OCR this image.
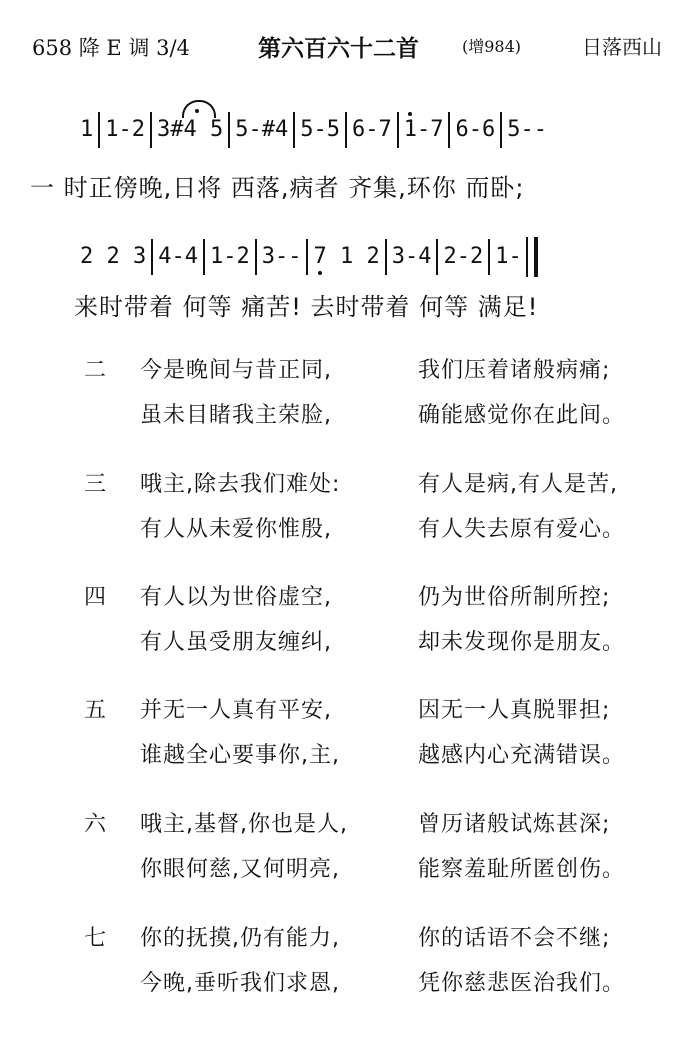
658 降 E 调 3/4	第六百六十二首	(增984)	日落西山
1 1-2 3#4 5 5-#4 5-5 6-7 1-7 6-6 5--
一 时正傍晚,日将 西落,病者 齐集,环你 而卧;
2 2 3 4-4 1-2 3-- 7 1 2 3-4 2-2 1-
来时带着 何等 痛苦! 去时带着 何等 满足!
二 今是晚间与昔正同,	我们压着诸般病痛;
虽未目睹我主荣脸,	确能感觉你在此间。
三 哦主,除去我们难处:	有人是病,有人是苦,
有人从未爱你惟殷,	有人失去原有爱心。
四 有人以为世俗虚空,	仍为世俗所制所控;
有人虽受朋友缠纠,	却未发现你是朋友。
五 并无一人真有平安,	因无一人真脱罪担;
谁越全心要事你,主,	越感内心充满错误。
六 哦主,基督,你也是人,	曾历诸般试炼甚深;
你眼何慈,又何明亮,	能察羞耻所匿创伤。
七 你的抚摸,仍有能力,	你的话语不会不继;
今晚,垂听我们求恩,	凭你慈悲医治我们。
